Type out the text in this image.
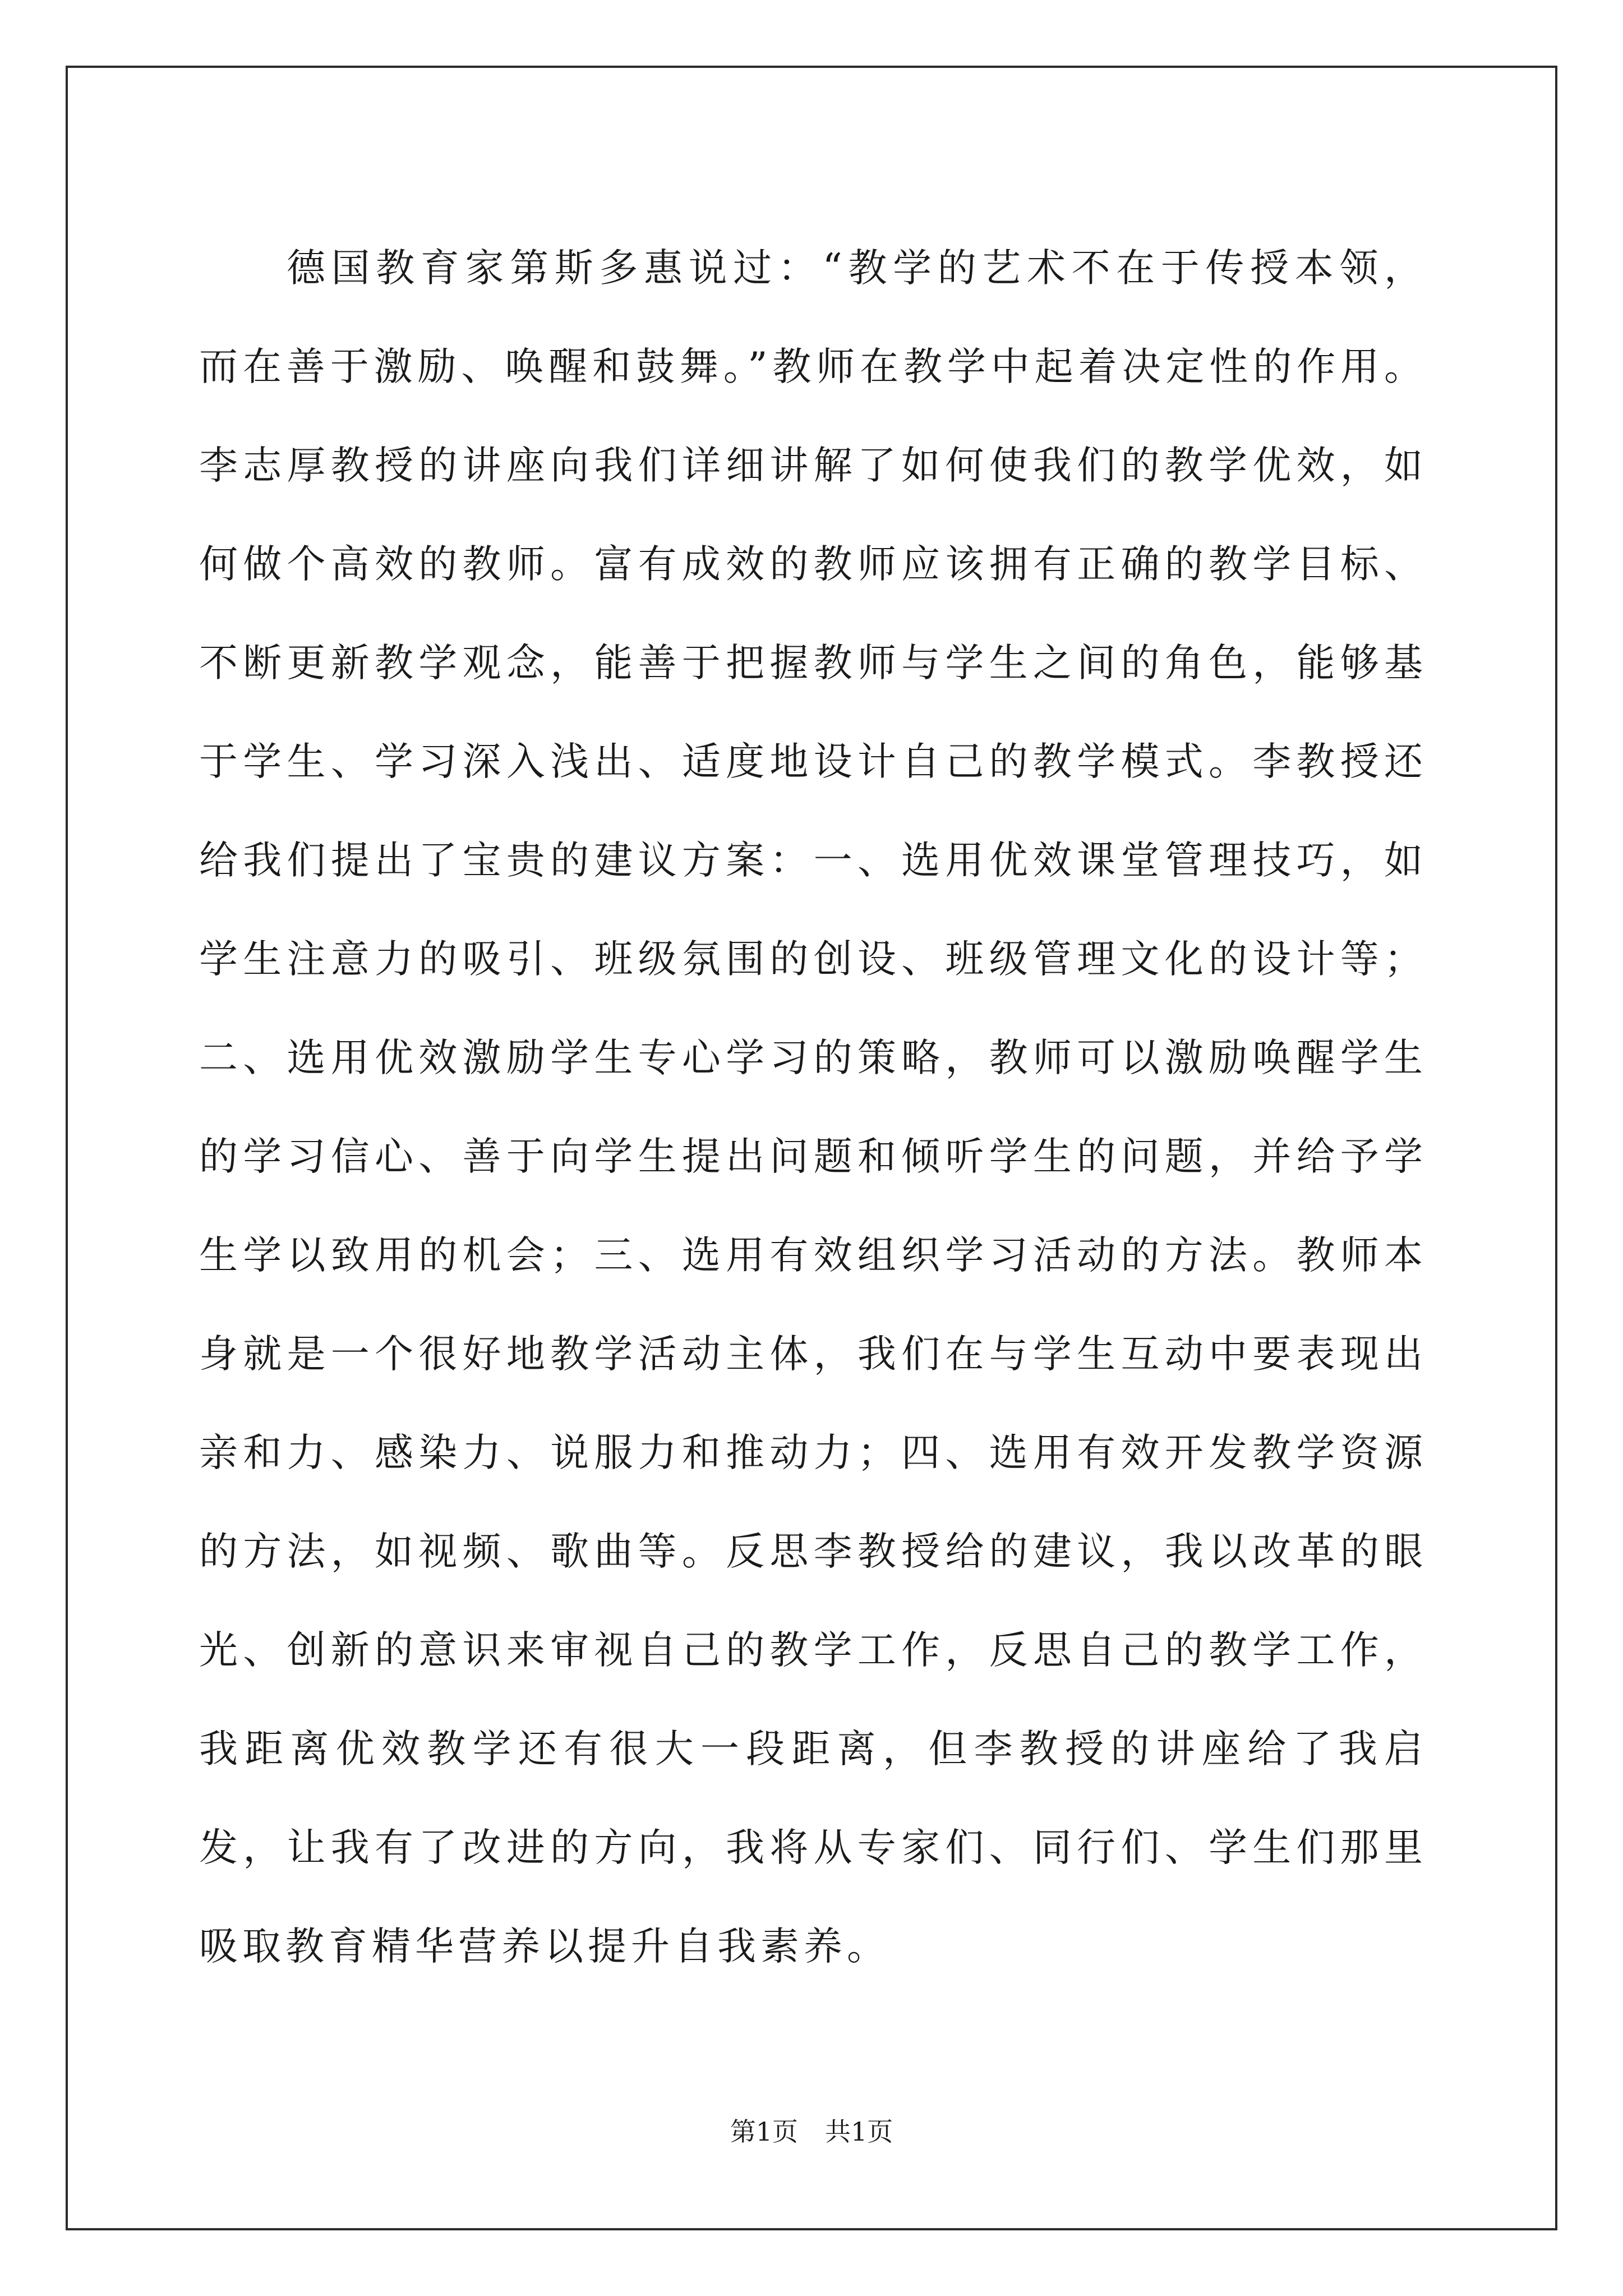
德国教育家第斯多惠说过：“教学的艺术不在于传授本领，而在善于激励、唤醒和鼓舞。”教师在教学中起着决定性的作用。李志厚教授的讲座向我们详细讲解了如何使我们的教学优效，如何做个高效的教师。富有成效的教师应该拥有正确的教学目标、不断更新教学观念，能善于把握教师与学生之间的角色，能够基于学生、学习深入浅出、适度地设计自己的教学模式。李教授还给我们提出了宝贵的建议方案：一、选用优效课堂管理技巧，如学生注意力的吸引、班级氛围的创设、班级管理文化的设计等；二、选用优效激励学生专心学习的策略，教师可以激励唤醒学生的学习信心、善于向学生提出问题和倾听学生的问题，并给予学生学以致用的机会；三、选用有效组织学习活动的方法。教师本身就是一个很好地教学活动主体，我们在与学生互动中要表现出亲和力、感染力、说服力和推动力；四、选用有效开发教学资源的方法，如视频、歌曲等。反思李教授给的建议，我以改革的眼光、创新的意识来审视自己的教学工作，反思自己的教学工作，我距离优效教学还有很大一段距离，但李教授的讲座给了我启发，让我有了改进的方向，我将从专家们、同行们、学生们那里吸取教育精华营养以提升自我素养。

第1页 共1页
